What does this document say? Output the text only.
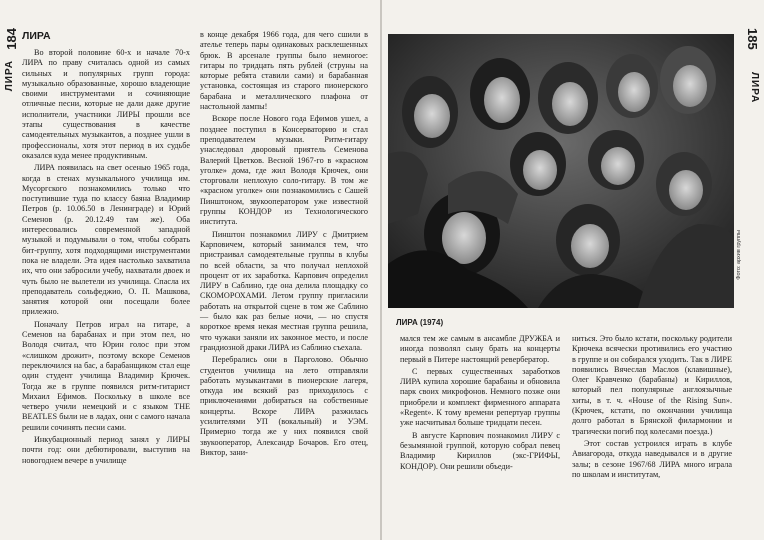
184
ЛИРА
ЛИРА

Во второй половине 60-х и начале 70-х ЛИРА по праву считалась одной из самых сильных и популярных групп города: музыкально образованные, хорошо владеющие своими инструментами и сочиняющие отличные песни, которые не дали даже другие исполнители, участники ЛИРЫ прошли все этапы существования в качестве самодеятельных музыкантов, а позднее ушли в профессионалы, хотя этот период в их судьбе оказался куда менее продуктивным.

ЛИРА появилась на свет осенью 1965 года, когда в стенах музыкального училища им. Мусоргского познакомились только что поступившие туда по классу баяна Владимир Петров (р. 10.06.50 в Ленинграде) и Юрий Семенов (р. 20.12.49 там же). Оба интересовались современной западной музыкой и подумывали о том, чтобы собрать бит-группу, хотя подходящими инструментами пока не владели. Эта идея настолько захватила их, что они забросили учебу, нахватали двоек и чуть было не вылетели из училища. Спасла их преподаватель сольфеджио, О. П. Машкова, занятия которой они посещали более прилежно.

Поначалу Петров играл на гитаре, а Семенов на барабанах и при этом пел, но Володя считал, что Юрин голос при этом «слишком дрожит», поэтому вскоре Семенов переключился на бас, а барабанщиком стал еще один студент училища Владимир Крючек. Тогда же в группе появился ритм-гитарист Михаил Ефимов. Поскольку в школе все четверо учили немецкий и с языком THE BEATLES были не в ладах, они с самого начала решили сочинять песни сами.

Инкубационный период занял у ЛИРЫ почти год: они дебютировали, выступив на новогоднем вечере в училище

в конце декабря 1966 года, для чего сшили в ателье теперь пары одинаковых расклешенных брюк. В арсенале группы было немногое: гитары по тридцать пять рублей (струны на которые ребята ставили сами) и барабанная установка, состоящая из старого пионерского барабана и металлического плафона от настольной лампы!

Вскоре после Нового года Ефимов ушел, а позднее поступил в Консерваторию и стал преподавателем музыки. Ритм-гитару унаследовал дворовый приятель Семенова Валерий Цветков. Весной 1967-го в «красном уголке» дома, где жил Володя Крючек, они сторговали неплохую соло-гитару. В том же «красном уголке» они познакомились с Сашей Пинштоном, звукооператором уже известной группы КОНДОР из Технологического института.

Пинштон познакомил ЛИРУ с Дмитрием Карповичем, который занимался тем, что пристраивал самодеятельные группы в клубы по всей области, за что получал неплохой процент от их заработка. Карпович определил ЛИРУ в Саблино, где она делила площадку со СКОМОРОХАМИ. Летом группу пригласили работать на открытой сцене в том же Саблино — было как раз белые ночи, — но спустя короткое время некая местная группа решила, что чужаки заняли их законное место, и после грандиозной драки ЛИРА из Саблино съехала.

Перебрались они в Парголово. Обычно студентов училища на лето отправляли работать музыкантами в пионерские лагеря, откуда им всякий раз приходилось с приключениями добираться на собственные концерты. Вскоре ЛИРА разжилась усилителями УП (вокальный) и УЭМ. Примерно тогда же у них появился свой звукооператор, Александр Бочаров. Его отец, Виктор, зани-

185
ЛИРА
Фото: архив группы
ЛИРА (1974)

мался тем же самым в ансамбле ДРУЖБА и иногда позволял сыну брать на концерты первый в Питере настоящий ревербератор.

С первых существенных заработков ЛИРА купила хорошие барабаны и обновила парк своих микрофонов. Немного позже они приобрели и комплект фирменного аппарата «Regent». К тому времени репертуар группы уже насчитывал больше тридцати песен.

В августе Карпович познакомил ЛИРУ с безымянной группой, которую собрал певец Владимир Кириллов (экс-ГРИФЫ, КОНДОР). Они решили объеди-

ниться. Это было кстати, поскольку родители Крючека всячески противились его участию в группе и он собирался уходить. Так в ЛИРЕ появились Вячеслав Маслов (клавишные), Олег Кравченко (барабаны) и Кириллов, который пел популярные англоязычные хиты, в т. ч. «House of the Rising Sun». (Крючек, кстати, по окончании училища долго работал в Брянской филармонии и трагически погиб под колесами поезда.)

Этот состав устроился играть в клубе Авиагорода, откуда наведывался и в другие залы; в сезоне 1967/68 ЛИРА много играла по школам и институтам,
